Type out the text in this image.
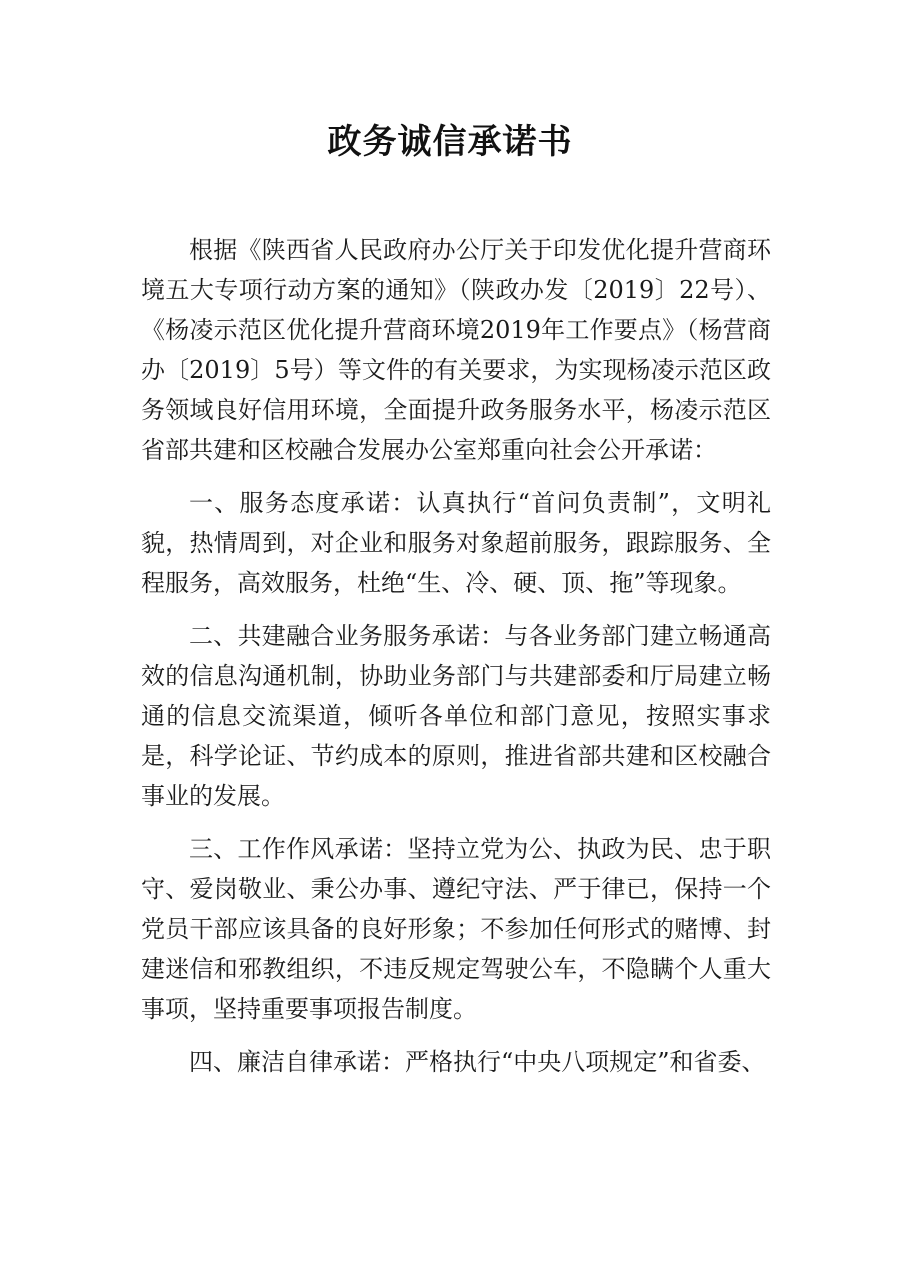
政务诚信承诺书

根据《陕西省人民政府办公厅关于印发优化提升营商环境五大专项行动方案的通知》（陕政办发〔2019〕22号）、《杨凌示范区优化提升营商环境2019年工作要点》（杨营商办〔2019〕5号）等文件的有关要求，为实现杨凌示范区政务领域良好信用环境，全面提升政务服务水平，杨凌示范区省部共建和区校融合发展办公室郑重向社会公开承诺：

一、服务态度承诺：认真执行“首问负责制”，文明礼貌，热情周到，对企业和服务对象超前服务，跟踪服务、全程服务，高效服务，杜绝“生、冷、硬、顶、拖”等现象。

二、共建融合业务服务承诺：与各业务部门建立畅通高效的信息沟通机制，协助业务部门与共建部委和厅局建立畅通的信息交流渠道，倾听各单位和部门意见，按照实事求是，科学论证、节约成本的原则，推进省部共建和区校融合事业的发展。

三、工作作风承诺：坚持立党为公、执政为民、忠于职守、爱岗敬业、秉公办事、遵纪守法、严于律已，保持一个党员干部应该具备的良好形象；不参加任何形式的赌博、封建迷信和邪教组织，不违反规定驾驶公车，不隐瞒个人重大事项，坚持重要事项报告制度。

四、廉洁自律承诺：严格执行“中央八项规定”和省委、
